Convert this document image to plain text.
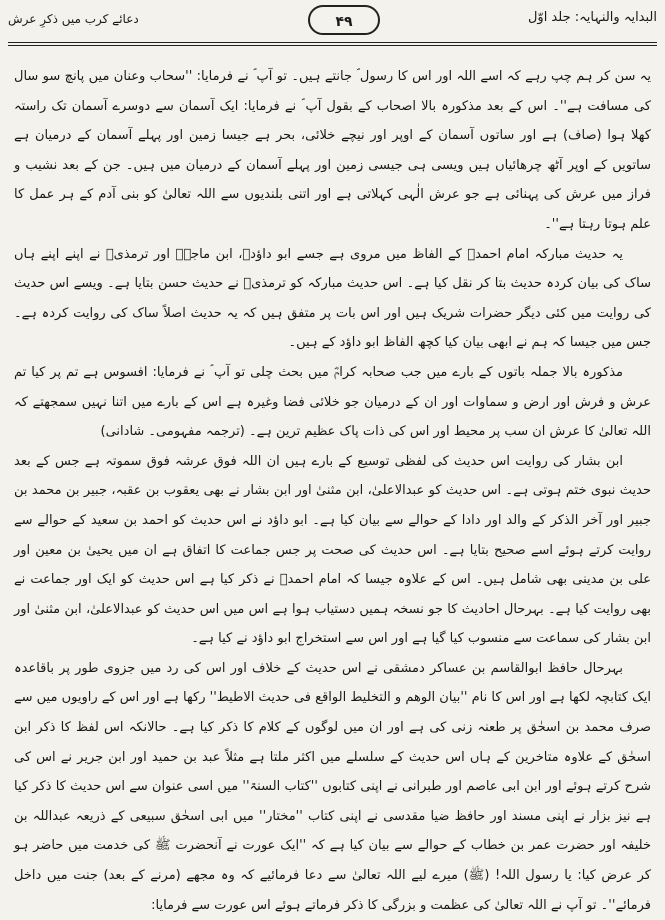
دعائے کرب میں ذکرِ عرش	۴۹	البدایہ والنہایہ: جلد اوّل

یہ سن کر ہم چپ رہے کہ اسے اللہ اور اس کا رسول ؐ جانتے ہیں۔ تو آپ ؐ نے فرمایا: ''سحاب وعنان میں پانچ سو سال کی مسافت ہے''۔ اس کے بعد مذکورہ بالا اصحاب کے بقول آپ ؐ نے فرمایا: ایک آسمان سے دوسرے آسمان تک راستہ کھلا ہوا (صاف) ہے اور ساتوں آسمان کے اوپر اور نیچے خلائی، بحر ہے جیسا زمین اور پہلے آسمان کے درمیان ہے ساتویں کے اوپر آٹھ چرھائیاں ہیں ویسی ہی جیسی زمین اور پہلے آسمان کے درمیان میں ہیں۔ جن کے بعد نشیب و فراز میں عرش کی پہنائی ہے جو عرش الٰہی کہلاتی ہے اور اتنی بلندیوں سے اللہ تعالیٰ کو بنی آدم کے ہر عمل کا علم ہوتا رہتا ہے''۔

یہ حدیث مبارکہ امام احمدؒ کے الفاظ میں مروی ہے جسے ابو داؤدؒ، ابن ماجہؒ اور ترمذیؒ نے اپنے اپنے ہاں ساک کی بیان کردہ حدیث بتا کر نقل کیا ہے۔ اس حدیث مبارکہ کو ترمذیؒ نے حدیث حسن بتایا ہے۔ ویسے اس حدیث کی روایت میں کئی دیگر حضرات شریک ہیں اور اس بات پر متفق ہیں کہ یہ حدیث اصلاً ساک کی روایت کردہ ہے۔ جس میں جیسا کہ ہم نے ابھی بیان کیا کچھ الفاظ ابو داؤد کے ہیں۔

مذکورہ بالا جملہ باتوں کے بارے میں جب صحابہ کرامؓ میں بحث چلی تو آپ ؐ نے فرمایا: افسوس ہے تم پر کیا تم عرش و فرش اور ارض و سماوات اور ان کے درمیان جو خلائی فضا وغیرہ ہے اس کے بارے میں اتنا نہیں سمجھتے کہ اللہ تعالیٰ کا عرش ان سب پر محیط اور اس کی ذات پاک عظیم ترین ہے۔ (ترجمہ مفہومی۔ شادانی)

ابن بشار کی روایت اس حدیث کی لفظی توسیع کے بارے ہیں ان اللہ فوق عرشہ فوق سموتہ ہے جس کے بعد حدیث نبوی ختم ہوتی ہے۔ اس حدیث کو عبدالاعلیٰ، ابن مثنیٰ اور ابن بشار نے بھی یعقوب بن عقبہ، جبیر بن محمد بن جبیر اور آخر الذکر کے والد اور دادا کے حوالے سے بیان کیا ہے۔ ابو داؤد نے اس حدیث کو احمد بن سعید کے حوالے سے روایت کرتے ہوئے اسے صحیح بتایا ہے۔ اس حدیث کی صحت پر جس جماعت کا اتفاق ہے ان میں یحییٰ بن معین اور علی بن مدینی بھی شامل ہیں۔ اس کے علاوہ جیسا کہ امام احمدؒ نے ذکر کیا ہے اس حدیث کو ایک اور جماعت نے بھی روایت کیا ہے۔ بہرحال احادیث کا جو نسخہ ہمیں دستیاب ہوا ہے اس میں اس حدیث کو عبدالاعلیٰ، ابن مثنیٰ اور ابن بشار کی سماعت سے منسوب کیا گیا ہے اور اس سے استخراج ابو داؤد نے کیا ہے۔

بہرحال حافظ ابوالقاسم بن عساکر دمشقی نے اس حدیث کے خلاف اور اس کی رد میں جزوی طور پر باقاعدہ ایک کتابچہ لکھا ہے اور اس کا نام ''بیان الوھم و التخلیط الواقع فی حدیث الاطیط'' رکھا ہے اور اس کے راویوں میں سے صرف محمد بن اسحٰق پر طعنہ زنی کی ہے اور ان میں لوگوں کے کلام کا ذکر کیا ہے۔ حالانکہ اس لفظ کا ذکر ابن اسحٰق کے علاوہ متاخرین کے ہاں اس حدیث کے سلسلے میں اکثر ملتا ہے مثلاً عبد بن حمید اور ابن جریر نے اس کی شرح کرتے ہوئے اور ابن ابی عاصم اور طبرانی نے اپنی کتابوں ''کتاب السنۃ'' میں اسی عنوان سے اس حدیث کا ذکر کیا ہے نیز بزار نے اپنی مسند اور حافظ ضیا مقدسی نے اپنی کتاب ''مختار'' میں ابی اسحٰق سبیعی کے ذریعہ عبداللہ بن خلیفہ اور حضرت عمر بن خطاب کے حوالے سے بیان کیا ہے کہ ''ایک عورت نے آنحضرت ﷺ کی خدمت میں حاضر ہو کر عرض کیا: یا رسول اللہ! (ﷺ) میرے لیے اللہ تعالیٰ سے دعا فرمائیے کہ وہ مجھے (مرنے کے بعد) جنت میں داخل فرمائے''۔ تو آپ نے اللہ تعالیٰ کی عظمت و بزرگی کا ذکر فرماتے ہوئے اس عورت سے فرمایا:
